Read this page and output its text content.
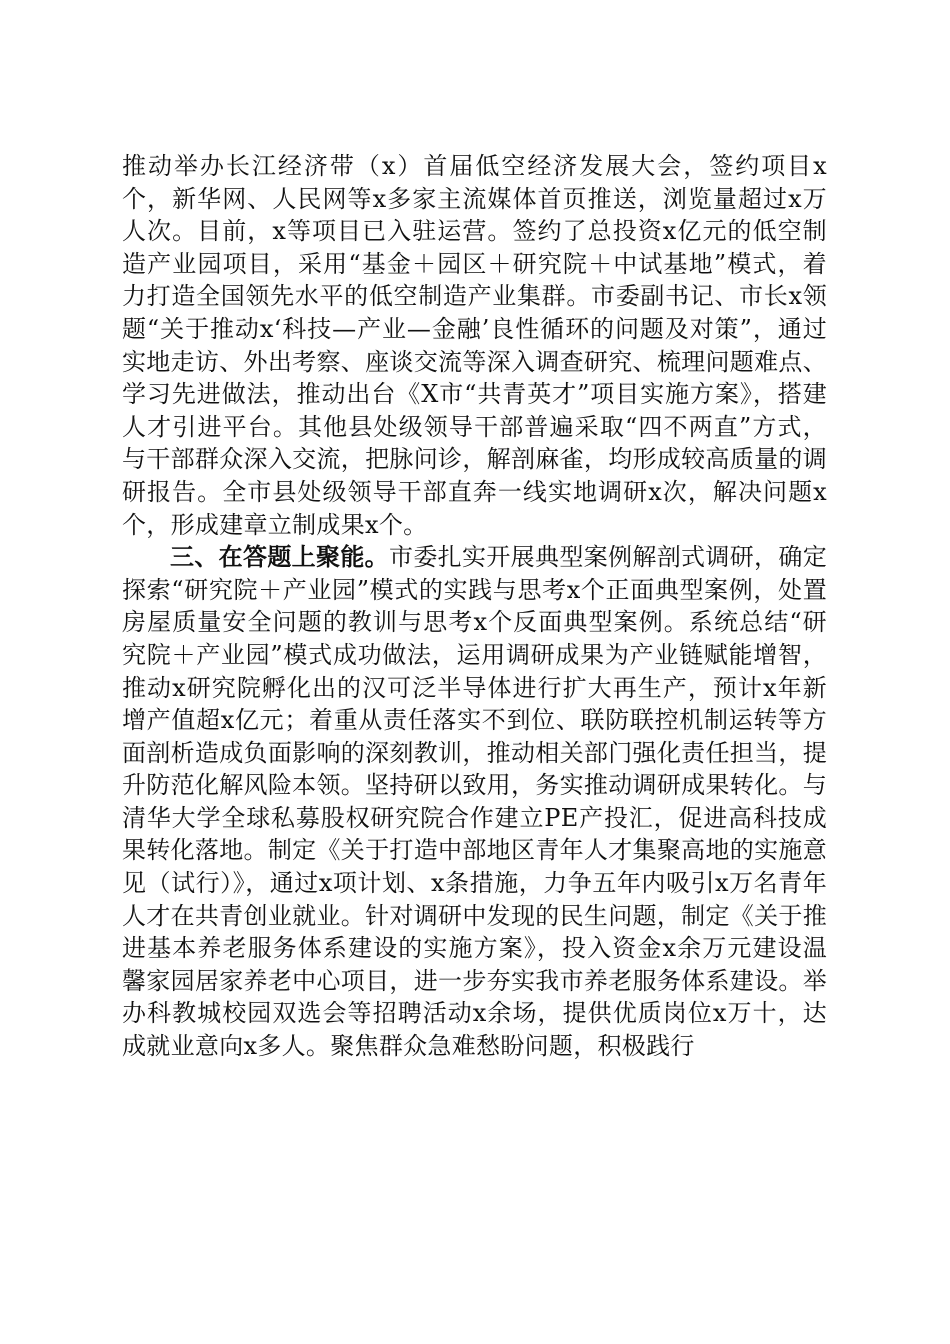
推动举办长江经济带（x）首届低空经济发展大会，签约项目x个，新华网、人民网等x多家主流媒体首页推送，浏览量超过x万人次。目前，x等项目已入驻运营。签约了总投资x亿元的低空制造产业园项目，采用“基金＋园区＋研究院＋中试基地”模式，着力打造全国领先水平的低空制造产业集群。市委副书记、市长x领题“关于推动x‘科技—产业—金融’良性循环的问题及对策”，通过实地走访、外出考察、座谈交流等深入调查研究、梳理问题难点、学习先进做法，推动出台《X市“共青英才”项目实施方案》，搭建人才引进平台。其他县处级领导干部普遍采取“四不两直”方式，与干部群众深入交流，把脉问诊，解剖麻雀，均形成较高质量的调研报告。全市县处级领导干部直奔一线实地调研x次，解决问题x个，形成建章立制成果x个。

三、在答题上聚能。市委扎实开展典型案例解剖式调研，确定探索“研究院＋产业园”模式的实践与思考x个正面典型案例，处置房屋质量安全问题的教训与思考x个反面典型案例。系统总结“研究院＋产业园”模式成功做法，运用调研成果为产业链赋能增智，推动x研究院孵化出的汉可泛半导体进行扩大再生产，预计x年新增产值超x亿元；着重从责任落实不到位、联防联控机制运转等方面剖析造成负面影响的深刻教训，推动相关部门强化责任担当，提升防范化解风险本领。坚持研以致用，务实推动调研成果转化。与清华大学全球私募股权研究院合作建立PE产投汇，促进高科技成果转化落地。制定《关于打造中部地区青年人才集聚高地的实施意见（试行）》，通过x项计划、x条措施，力争五年内吸引x万名青年人才在共青创业就业。针对调研中发现的民生问题，制定《关于推进基本养老服务体系建设的实施方案》，投入资金x余万元建设温馨家园居家养老中心项目，进一步夯实我市养老服务体系建设。举办科教城校园双选会等招聘活动x余场，提供优质岗位x万十，达成就业意向x多人。聚焦群众急难愁盼问题，积极践行
